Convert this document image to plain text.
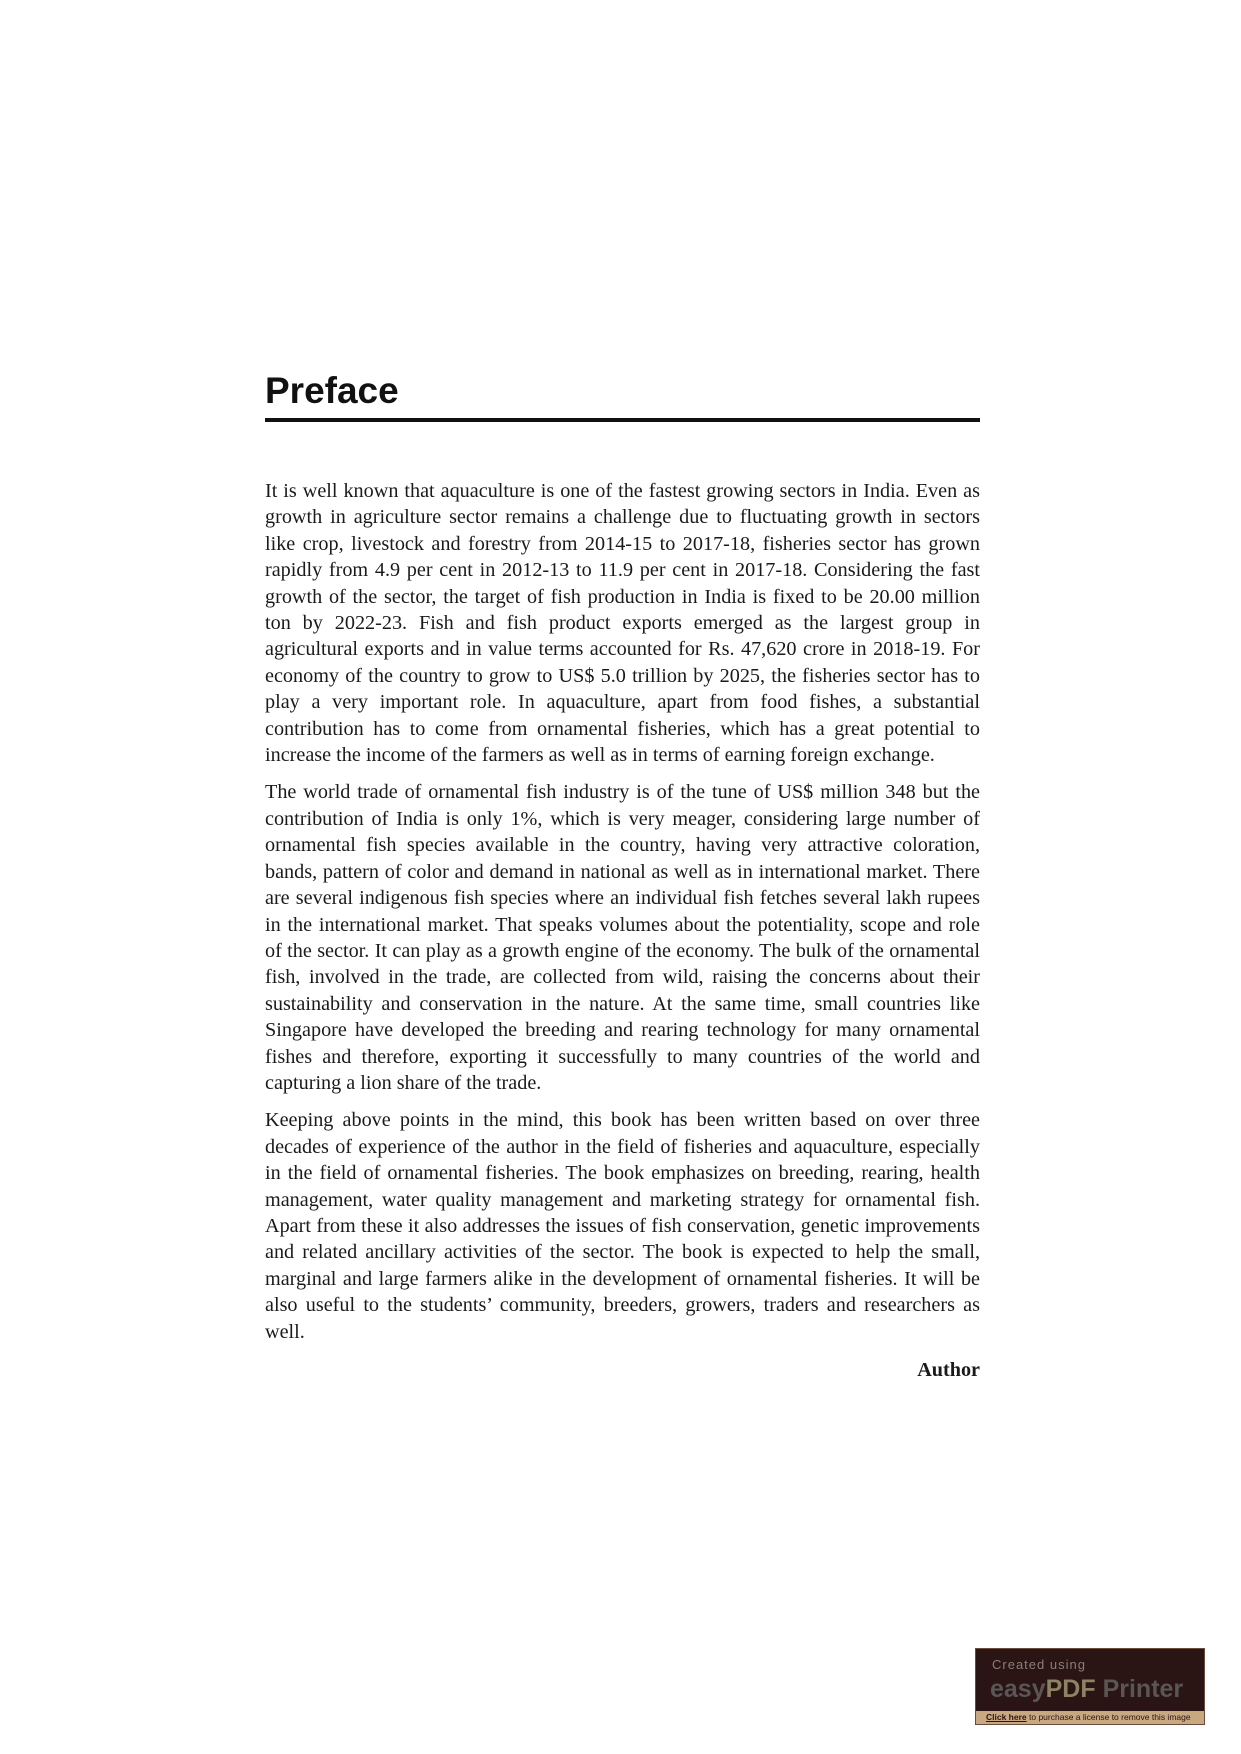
Preface

It is well known that aquaculture is one of the fastest growing sectors in India. Even as growth in agriculture sector remains a challenge due to fluctuating growth in sectors like crop, livestock and forestry from 2014-15 to 2017-18, fisheries sector has grown rapidly from 4.9 per cent in 2012-13 to 11.9 per cent in 2017-18. Considering the fast growth of the sector, the target of fish production in India is fixed to be 20.00 million ton by 2022-23. Fish and fish product exports emerged as the largest group in agricultural exports and in value terms accounted for Rs. 47,620 crore in 2018-19. For economy of the country to grow to US$ 5.0 trillion by 2025, the fisheries sector has to play a very important role. In aquaculture, apart from food fishes, a substantial contribution has to come from ornamental fisheries, which has a great potential to increase the income of the farmers as well as in terms of earning foreign exchange.

The world trade of ornamental fish industry is of the tune of US$ million 348 but the contribution of India is only 1%, which is very meager, considering large number of ornamental fish species available in the country, having very attractive coloration, bands, pattern of color and demand in national as well as in international market. There are several indigenous fish species where an individual fish fetches several lakh rupees in the international market. That speaks volumes about the potentiality, scope and role of the sector. It can play as a growth engine of the economy. The bulk of the ornamental fish, involved in the trade, are collected from wild, raising the concerns about their sustainability and conservation in the nature. At the same time, small countries like Singapore have developed the breeding and rearing technology for many ornamental fishes and therefore, exporting it successfully to many countries of the world and capturing a lion share of the trade.

Keeping above points in the mind, this book has been written based on over three decades of experience of the author in the field of fisheries and aquaculture, especially in the field of ornamental fisheries. The book emphasizes on breeding, rearing, health management, water quality management and marketing strategy for ornamental fish. Apart from these it also addresses the issues of fish conservation, genetic improvements and related ancillary activities of the sector. The book is expected to help the small, marginal and large farmers alike in the development of ornamental fisheries. It will be also useful to the students’ community, breeders, growers, traders and researchers as well.

Author

Created using
easyPDF Printer
Click here to purchase a license to remove this image
